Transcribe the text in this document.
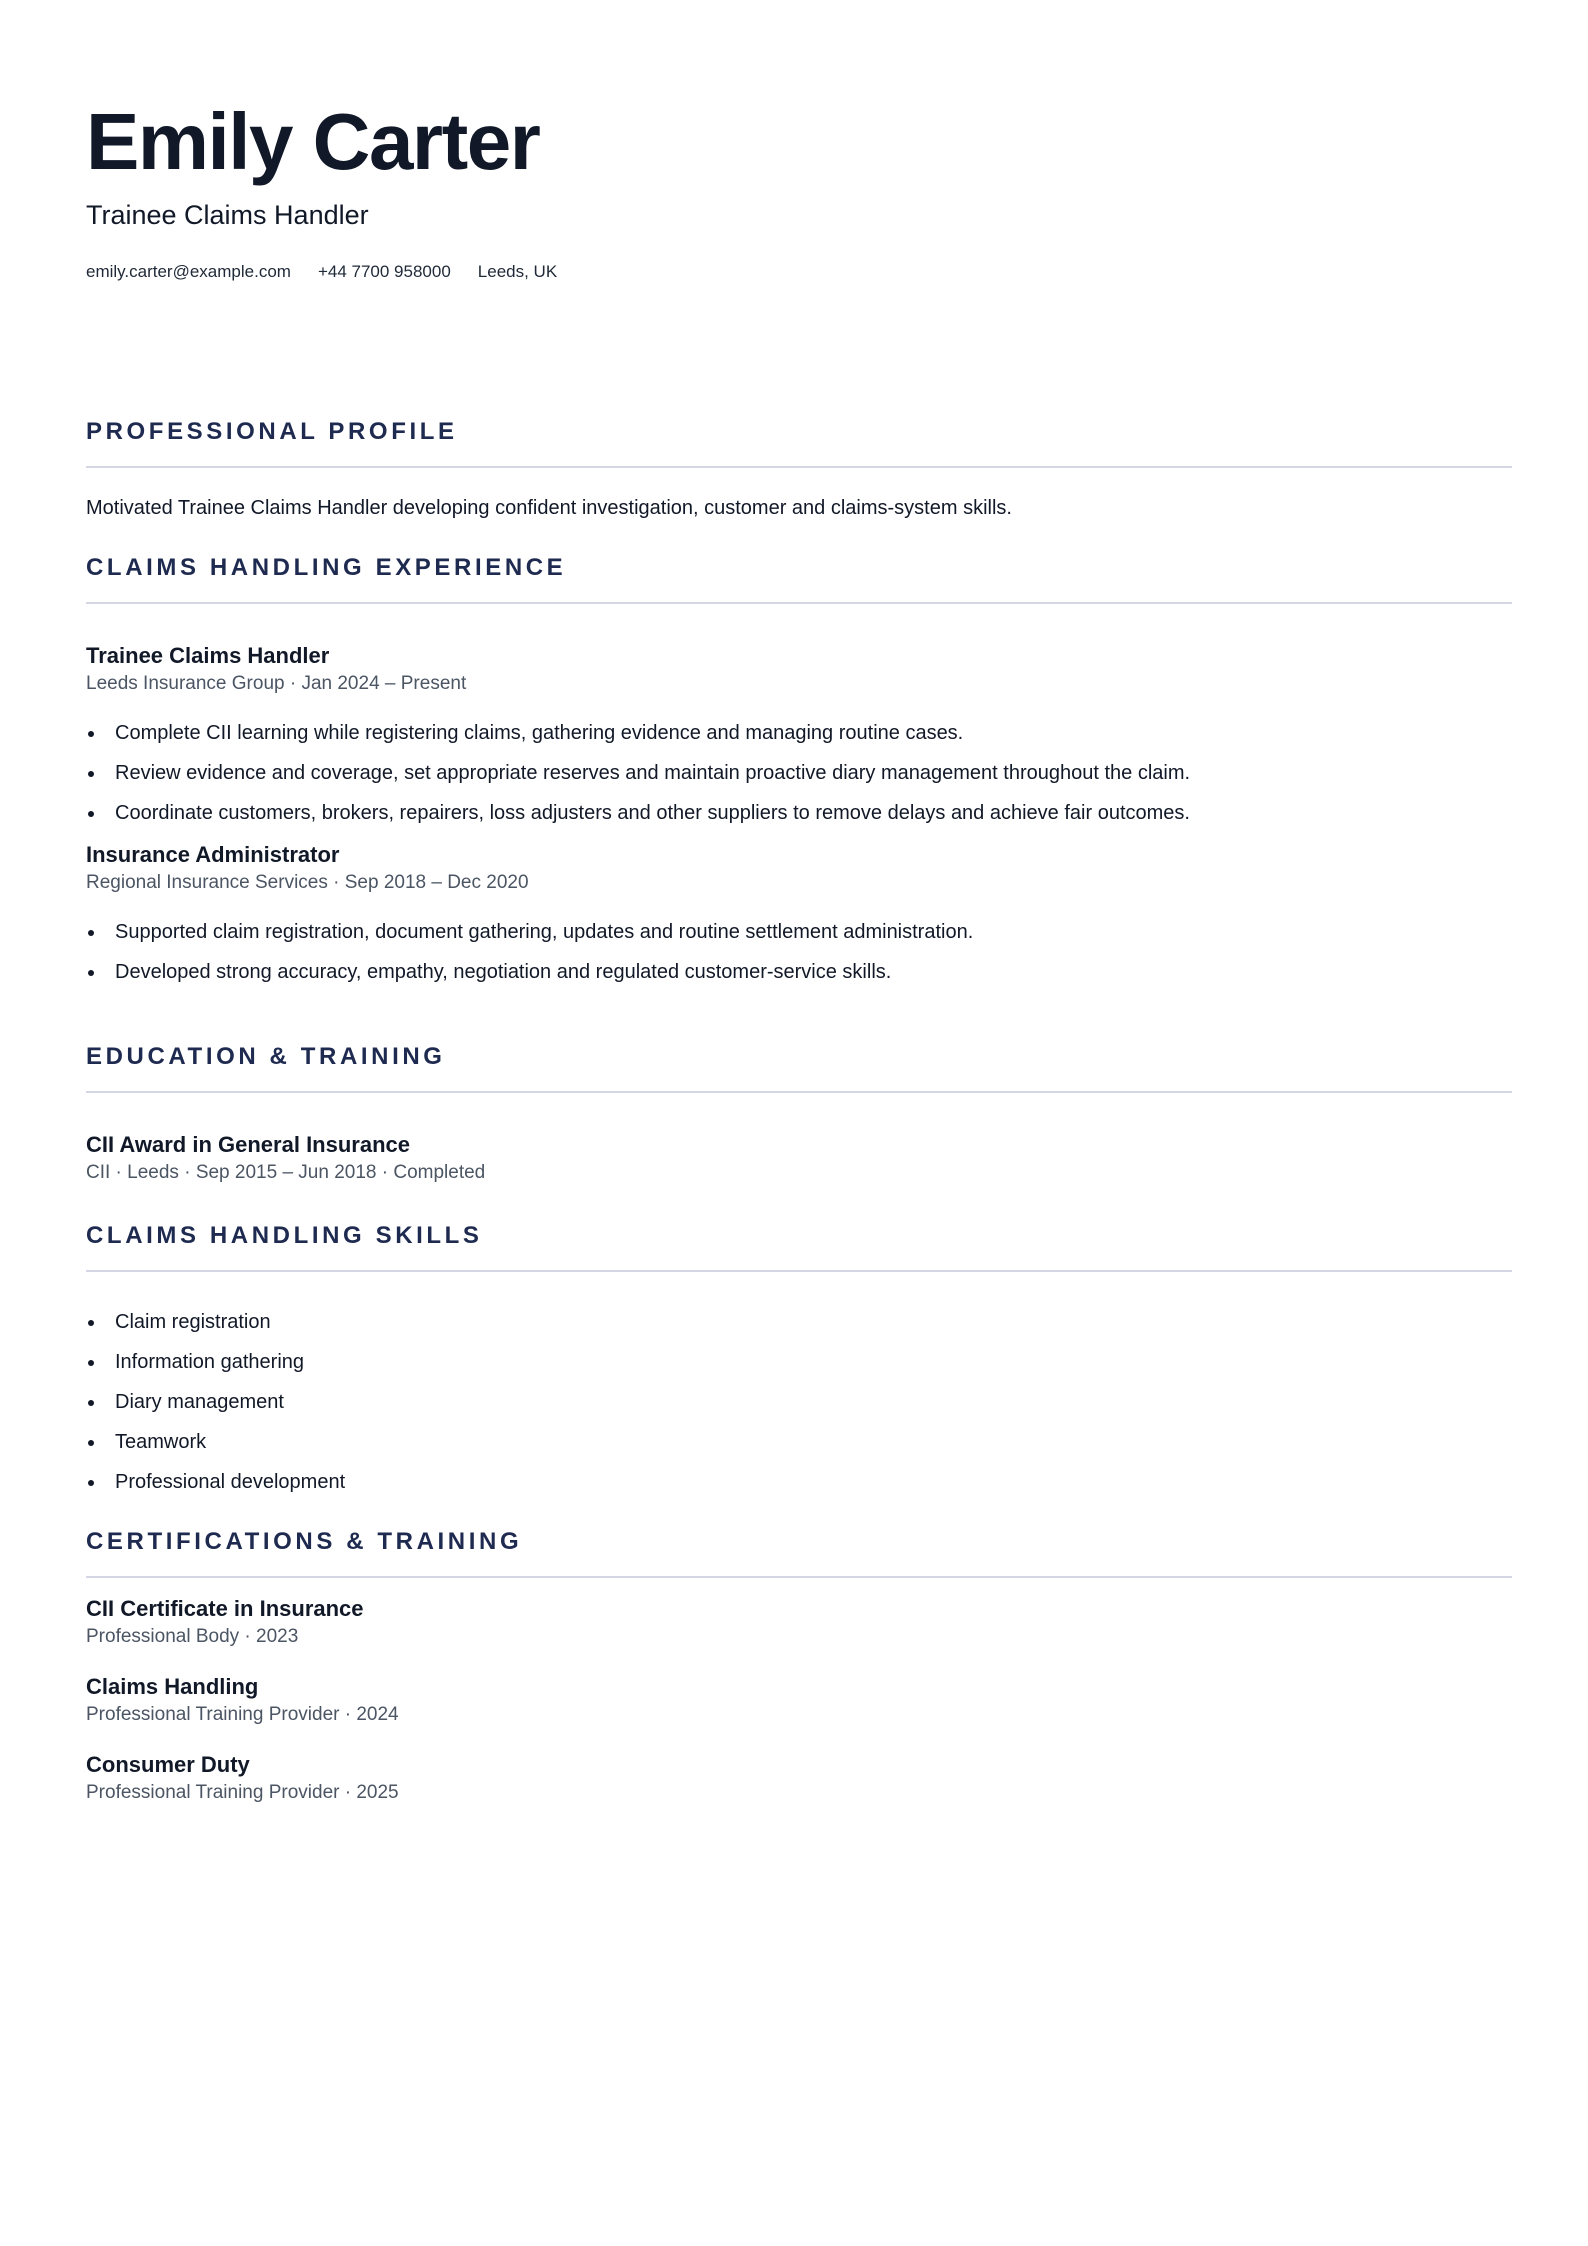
Emily Carter
Trainee Claims Handler
emily.carter@example.com +44 7700 958000 Leeds, UK
PROFESSIONAL PROFILE
Motivated Trainee Claims Handler developing confident investigation, customer and claims-system skills.
CLAIMS HANDLING EXPERIENCE
Trainee Claims Handler
Leeds Insurance Group · Jan 2024 – Present
Complete CII learning while registering claims, gathering evidence and managing routine cases.
Review evidence and coverage, set appropriate reserves and maintain proactive diary management throughout the claim.
Coordinate customers, brokers, repairers, loss adjusters and other suppliers to remove delays and achieve fair outcomes.
Insurance Administrator
Regional Insurance Services · Sep 2018 – Dec 2020
Supported claim registration, document gathering, updates and routine settlement administration.
Developed strong accuracy, empathy, negotiation and regulated customer-service skills.
EDUCATION & TRAINING
CII Award in General Insurance
CII · Leeds · Sep 2015 – Jun 2018 · Completed
CLAIMS HANDLING SKILLS
Claim registration
Information gathering
Diary management
Teamwork
Professional development
CERTIFICATIONS & TRAINING
CII Certificate in Insurance
Professional Body · 2023
Claims Handling
Professional Training Provider · 2024
Consumer Duty
Professional Training Provider · 2025
